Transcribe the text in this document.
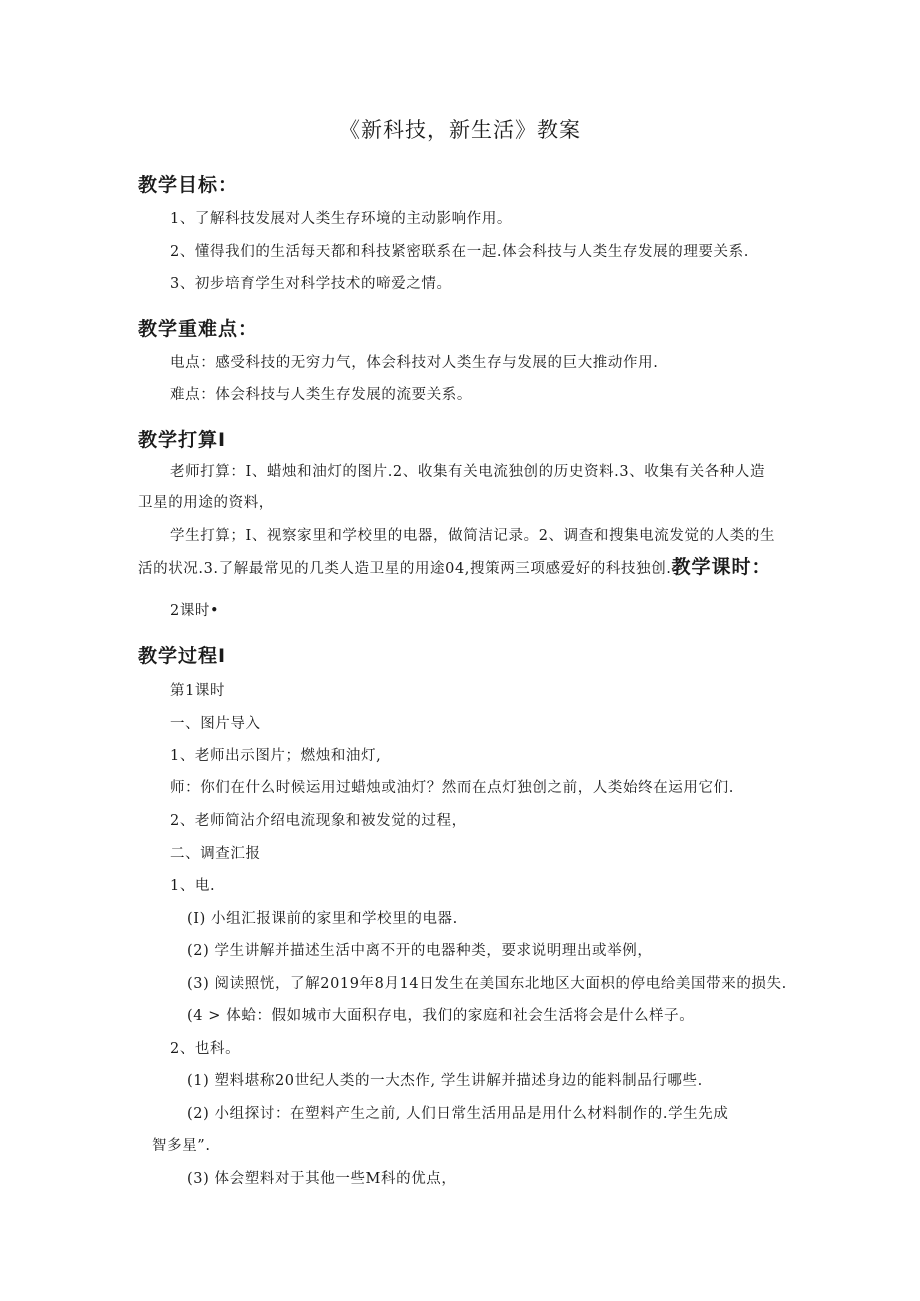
《新科技，新生活》教案
教学目标：
1、了解科技发展对人类生存环境的主动影响作用。
2、懂得我们的生活每天都和科技紧密联系在一起.体会科技与人类生存发展的理要关系.
3、初步培育学生对科学技术的啼爱之情。
教学重难点：
电点：感受科技的无穷力气，体会科技对人类生存与发展的巨大推动作用.
难点：体会科技与人类生存发展的流要关系。
教学打算I
老师打算：I、蜡烛和油灯的图片.2、收集有关电流独创的历史资料.3、收集有关各种人造卫星的用途的资料，
学生打算；I、视察家里和学校里的电器，做简洁记录。2、调查和搜集电流发觉的人类的生活的状况.3.了解最常见的几类人造卫星的用途04,搜策两三项感爱好的科技独创.教学课时：
2课时•
教学过程I
第1课时
一、图片导入
1、老师出示图片；燃烛和油灯,
师：你们在什么时候运用过蜡烛或油灯？然而在点灯独创之前，人类始终在运用它们.
2、老师简沾介绍电流现象和被发觉的过程，
二、调查汇报
1、电.
(I) 小组汇报课前的家里和学校里的电器.
(2) 学生讲解并描述生活中离不开的电器种类，要求说明理出或举例，
(3) 阅读照恍，了解2019年8月14日发生在美国东北地区大面枳的停电给美国带来的损失.
(4 > 体蛤：假如城市大面积存电，我们的家庭和社会生活将会是什么样子。
2、也科。
(1) 塑料堪称20世纪人类的一大杰作, 学生讲解并描述身边的能料制品行哪些.
(2) 小组探讨：在塑料产生之前, 人们日常生活用品是用什么材料制作的.学生先成
智多星”.
(3) 体会塑料对于其他一些M科的优点，
